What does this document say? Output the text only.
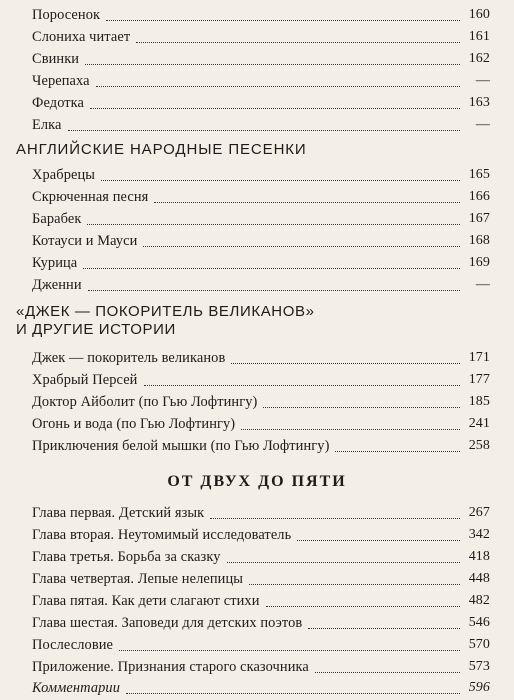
Поросенок	160
Слониха читает	161
Свинки	162
Черепаха	—
Федотка	163
Елка	—
АНГЛИЙСКИЕ НАРОДНЫЕ ПЕСЕНКИ
Храбрецы	165
Скрюченная песня	166
Барабек	167
Котауси и Мауси	168
Курица	169
Дженни	—
«ДЖЕК — ПОКОРИТЕЛЬ ВЕЛИКАНОВ»
И ДРУГИЕ ИСТОРИИ
Джек — покоритель великанов	171
Храбрый Персей	177
Доктор Айболит (по Гью Лофтингу)	185
Огонь и вода (по Гью Лофтингу)	241
Приключения белой мышки (по Гью Лофтингу)	258
ОТ ДВУХ ДО ПЯТИ
Глава первая. Детский язык	267
Глава вторая. Неутомимый исследователь	342
Глава третья. Борьба за сказку	418
Глава четвертая. Лепые нелепицы	448
Глава пятая. Как дети слагают стихи	482
Глава шестая. Заповеди для детских поэтов	546
Послесловие	570
Приложение. Признания старого сказочника	573
Комментарии	596
